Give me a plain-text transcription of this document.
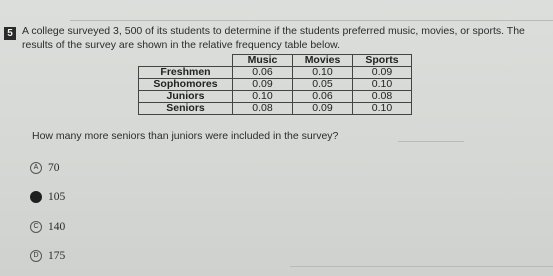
5 A college surveyed 3, 500 of its students to determine if the students preferred music, movies, or sports. The results of the survey are shown in the relative frequency table below.
	Music	Movies	Sports
Freshmen	0.06	0.10	0.09
Sophomores	0.09	0.05	0.10
Juniors	0.10	0.06	0.08
Seniors	0.08	0.09	0.10
How many more seniors than juniors were included in the survey?
A 70
B 105
C 140
D 175
